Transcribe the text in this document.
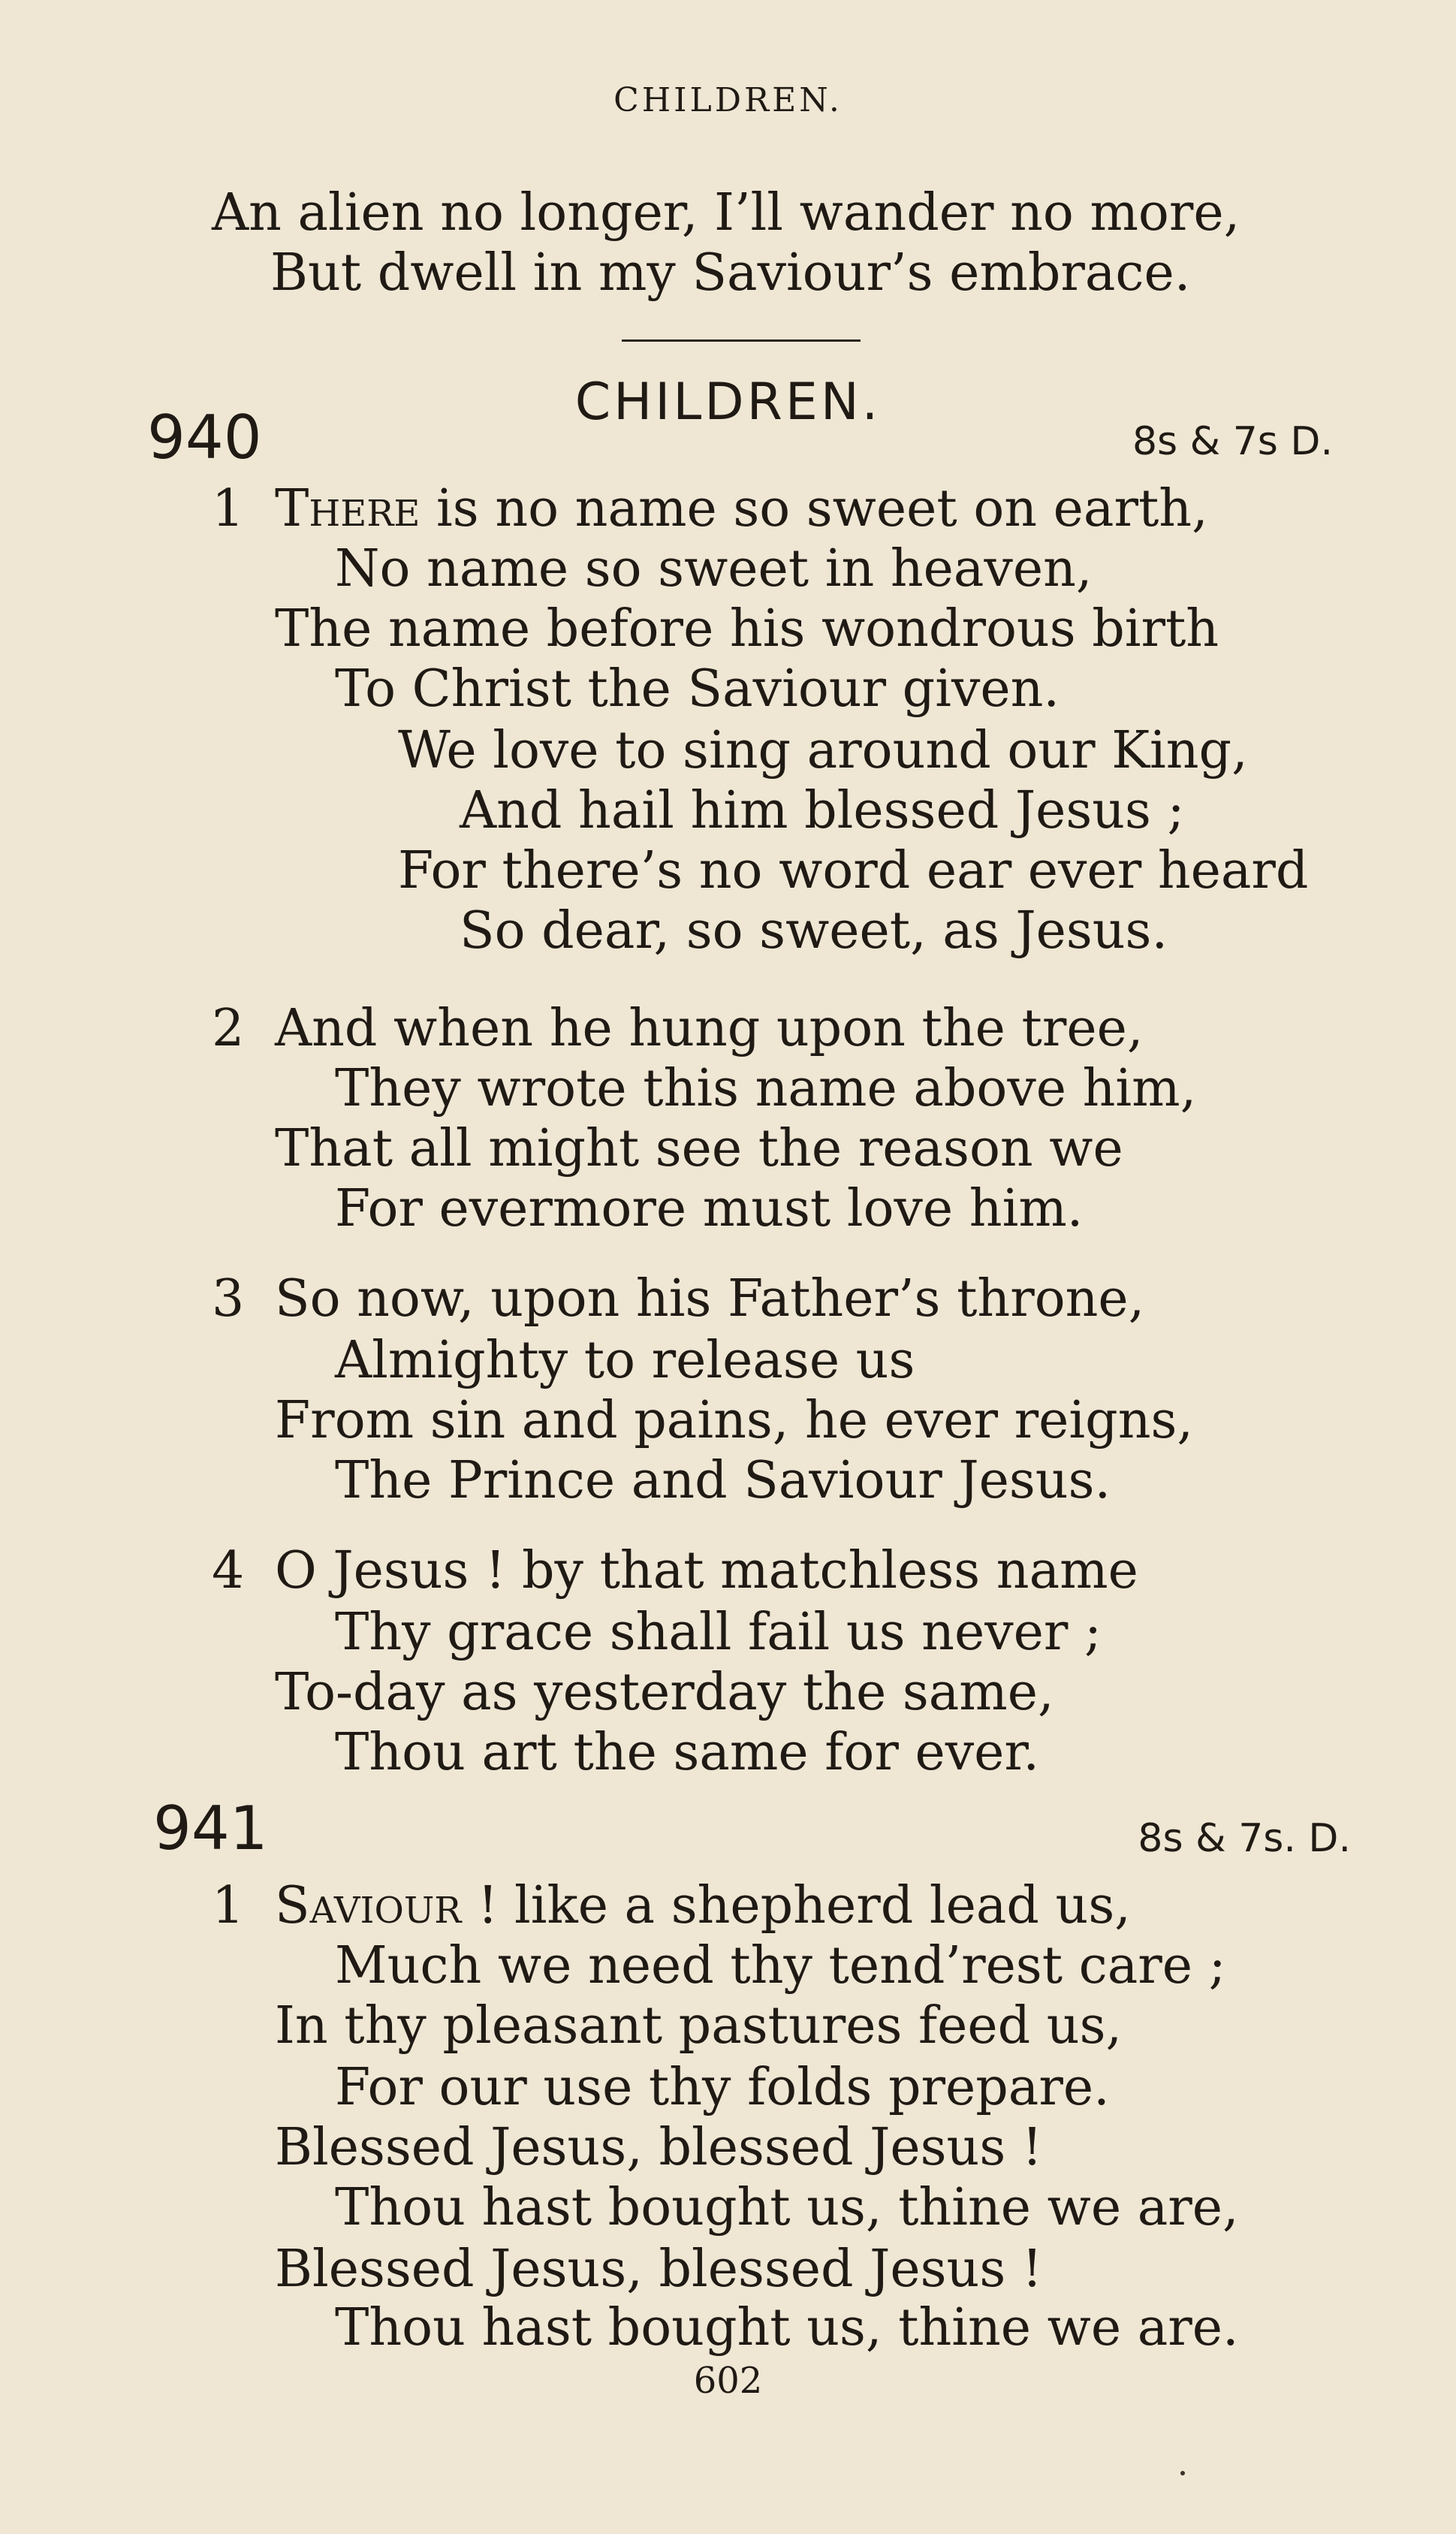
CHILDREN.
An alien no longer, I’ll wander no more,
But dwell in my Saviour’s embrace.
CHILDREN.
940	8s & 7s D.
1 There is no name so sweet on earth,
No name so sweet in heaven,
The name before his wondrous birth
To Christ the Saviour given.
We love to sing around our King,
And hail him blessed Jesus ;
For there’s no word ear ever heard
So dear, so sweet, as Jesus.
2 And when he hung upon the tree,
They wrote this name above him,
That all might see the reason we
For evermore must love him.
3 So now, upon his Father’s throne,
Almighty to release us
From sin and pains, he ever reigns,
The Prince and Saviour Jesus.
4 O Jesus ! by that matchless name
Thy grace shall fail us never ;
To-day as yesterday the same,
Thou art the same for ever.
941	8s & 7s. D.
1 Saviour ! like a shepherd lead us,
Much we need thy tend’rest care ;
In thy pleasant pastures feed us,
For our use thy folds prepare.
Blessed Jesus, blessed Jesus !
Thou hast bought us, thine we are,
Blessed Jesus, blessed Jesus !
Thou hast bought us, thine we are.
602
